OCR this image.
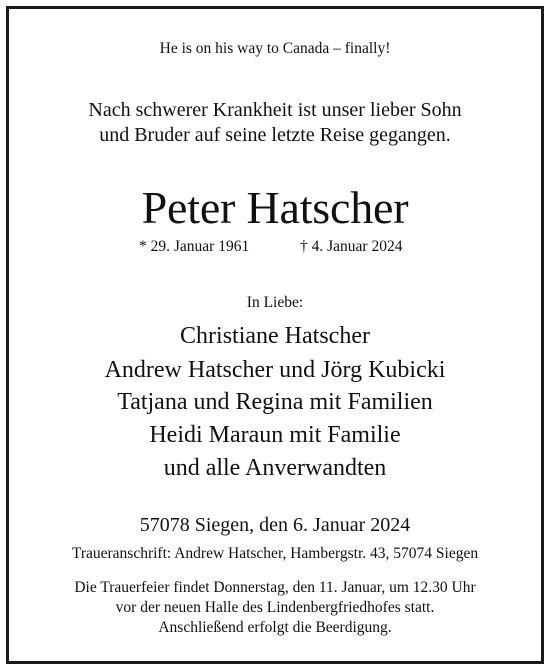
He is on his way to Canada – finally!
Nach schwerer Krankheit ist unser lieber Sohn
und Bruder auf seine letzte Reise gegangen.
Peter Hatscher
* 29. Januar 1961	† 4. Januar 2024
In Liebe:
Christiane Hatscher
Andrew Hatscher und Jörg Kubicki
Tatjana und Regina mit Familien
Heidi Maraun mit Familie
und alle Anverwandten
57078 Siegen, den 6. Januar 2024
Traueranschrift: Andrew Hatscher, Hambergstr. 43, 57074 Siegen
Die Trauerfeier findet Donnerstag, den 11. Januar, um 12.30 Uhr
vor der neuen Halle des Lindenbergfriedhofes statt.
Anschließend erfolgt die Beerdigung.
